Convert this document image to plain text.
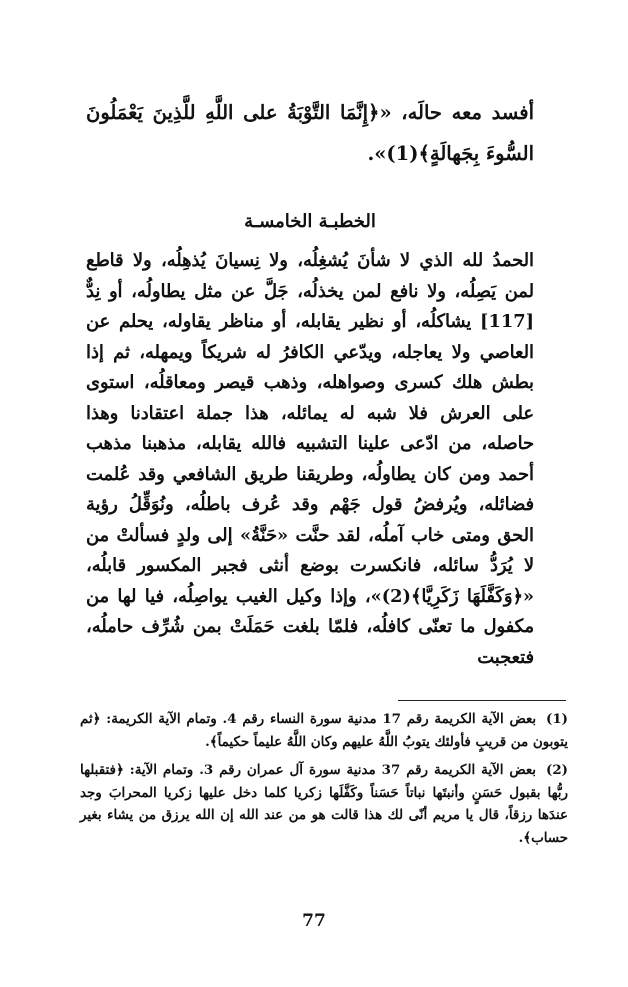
أفسد معه حالَه، «﴿إِنَّمَا التَّوْبَةُ على اللَّهِ للَّذِينَ يَعْمَلُونَ السُّوءَ بِجَهالَةٍ﴾(1)».

الخطبـة الخامسـة

الحمدُ لله الذي لا شأنَ يُشغِلُه، ولا نِسيانَ يُذهِلُه، ولا قاطع لمن يَصِلُه، ولا نافع لمن يخذلُه، جَلَّ عن مثل يطاولُه، أو نِدٌّ [117] يشاكلُه، أو نظير يقابله، أو مناظر يقاوله، يحلم عن العاصي ولا يعاجله، ويدّعي الكافرُ له شريكاً ويمهله، ثم إذا بطش هلك كسرى وصواهله، وذهب قيصر ومعاقلُه، استوى على العرش فلا شبه له يمائله، هذا جملة اعتقادنا وهذا حاصله، من ادّعى علينا التشبيه فالله يقابله، مذهبنا مذهب أحمد ومن كان يطاولُه، وطريقنا طريق الشافعي وقد عُلمت فضائله، ويُرفضُ قول جَهْم وقد عُرف باطلُه، ونُوَقِّلُ رؤية الحق ومتى خاب آملُه، لقد حنَّت «حَنَّةُ» إلى ولدٍ فسألتْ من لا يُرَدُّ سائله، فانكسرت بوضع أنثى فجبر المكسور قابلُه، «﴿وَكَفَّلَهَا زَكَرِيَّا﴾(2)»، وإذا وكيل الغيب يواصِلُه، فيا لها من مكفول ما تعنّى كافلُه، فلمّا بلغت حَمَلَتْ بمن شُرِّف حاملُه، فتعجبت

(1) بعض الآية الكريمة رقم 17 مدنية سورة النساء رقم 4. وتمام الآية الكريمة: ﴿ثم يتوبون من قريبٍ فأولئك يتوبُ اللَّهُ عليهم وكان اللَّهُ عليماً حكيماً﴾.

(2) بعض الآية الكريمة رقم 37 مدنية سورة آل عمران رقم 3. وتمام الآية: ﴿فتقبلها ربُّها بقبول حَسَنٍ وأنبتَها نباتاً حَسَناً وكَفَّلَها زكريا كلما دخل عليها زكريا المحرابَ وجد عندَها رزقاً، قال يا مريم أنّى لك هذا قالت هو من عند الله إن الله يرزق من يشاء بغير حساب﴾.

77
